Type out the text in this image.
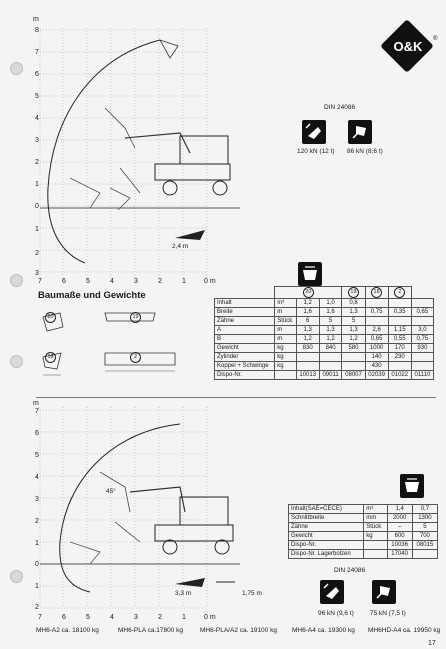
O&K	®
m
8
7
6
5
4
3
2
1
0
1
2
3
7	6	5	4	3	2	1	0 m
2,4 m
DIN 24086
120 kN (12 t) 86 kN (8,6 t)
Baumaße und Gewichte
20	19
18	2
	20			19	18	2	
Inhalt	m³	1,2	1,0	0,8			
Breite	m	1,6	1,6	1,3	0,75	0,35	0,65
Zähne	Stück	6	5	5			
A	m	1,3	1,3	1,3	2,6	1,15	3,0
B	m	1,2	1,2	1,2	0,65	0,55	0,75
Gewicht	kg	830	840	580	1000	170	930
Zylinder	kg				140	230	
Koppel + Schwinge	kg				430		
Dispo-Nr.		10013	09011	08007	02039	01022	01110
m
7
6
5
4
3
2
1
0
1
2
7	6	5	4	3	2	1	0 m
3,3 m	1,75 m
45°
MH6-A2 ca. 18100 kg	MH6-PLA ca.17800 kg	MH6-PLA/A2 ca. 19100 kg MH6-A4 ca. 19300 kg MH6HD-A4 ca. 19950 kg
Inhalt(SAE=CECE)	m³	1,4	0,7
Schnittbreite	mm	2000	1300
Zähne	Stück	–	5
Gewicht	kg	600	700
Dispo-Nr.		10036	08015
Dispo-Nr. Lagerbolzen		17040	
DIN 24086
96 kN (9,6 t) 75 kN (7,5 t)
17
